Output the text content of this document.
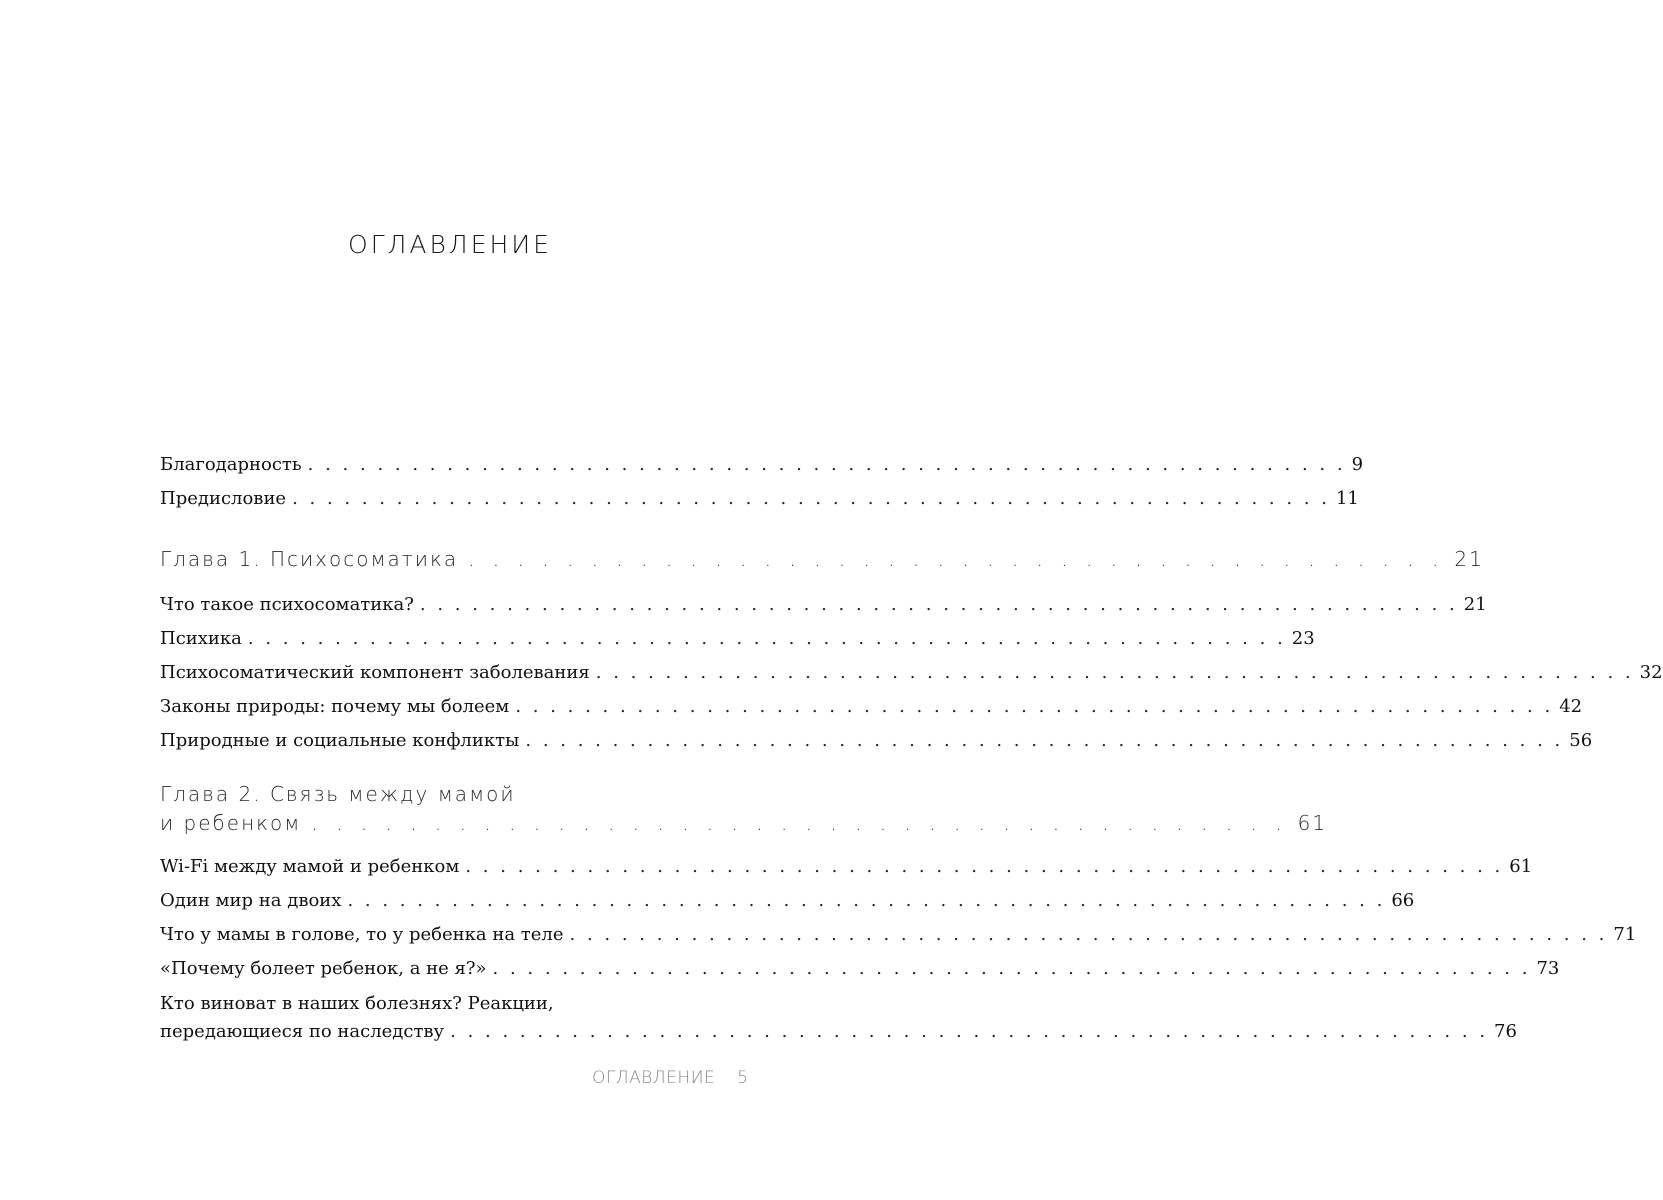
ОГЛАВЛЕНИЕ
Благодарность . . . . . . . . . . . . . . . . . . . . . . . . . . . . . . . . . . . . . . . . . . . . . . . . . . . . . . . . . . . . 9
Предисловие . . . . . . . . . . . . . . . . . . . . . . . . . . . . . . . . . . . . . . . . . . . . . . . . . . . . . . . . . . . . 11
Глава 1. Психосоматика . . . . . . . . . . . . . . . . . . . . . . . . . . . . . . . . . . . . . . . . 21
Что такое психосоматика? . . . . . . . . . . . . . . . . . . . . . . . . . . . . . . . . . . . . . . . . . . . . . . . . . . . . . . . . . . . . 21
Психика . . . . . . . . . . . . . . . . . . . . . . . . . . . . . . . . . . . . . . . . . . . . . . . . . . . . . . . . . . . . 23
Психосоматический компонент заболевания . . . . . . . . . . . . . . . . . . . . . . . . . . . . . . . . . . . . . . . . . . . . . . . . . . . . . . . . . . . . 32
Законы природы: почему мы болеем . . . . . . . . . . . . . . . . . . . . . . . . . . . . . . . . . . . . . . . . . . . . . . . . . . . . . . . . . . . . 42
Природные и социальные конфликты . . . . . . . . . . . . . . . . . . . . . . . . . . . . . . . . . . . . . . . . . . . . . . . . . . . . . . . . . . . . 56
Глава 2. Связь между мамой
и ребенком . . . . . . . . . . . . . . . . . . . . . . . . . . . . . . . . . . . . . . . . 61
Wi-Fi между мамой и ребенком . . . . . . . . . . . . . . . . . . . . . . . . . . . . . . . . . . . . . . . . . . . . . . . . . . . . . . . . . . . . 61
Один мир на двоих . . . . . . . . . . . . . . . . . . . . . . . . . . . . . . . . . . . . . . . . . . . . . . . . . . . . . . . . . . . . 66
Что у мамы в голове, то у ребенка на теле . . . . . . . . . . . . . . . . . . . . . . . . . . . . . . . . . . . . . . . . . . . . . . . . . . . . . . . . . . . . 71
«Почему болеет ребенок, а не я?» . . . . . . . . . . . . . . . . . . . . . . . . . . . . . . . . . . . . . . . . . . . . . . . . . . . . . . . . . . . . 73
Кто виноват в наших болезнях? Реакции,
передающиеся по наследству . . . . . . . . . . . . . . . . . . . . . . . . . . . . . . . . . . . . . . . . . . . . . . . . . . . . . . . . . . . . 76
ОГЛАВЛЕНИЕ 5
